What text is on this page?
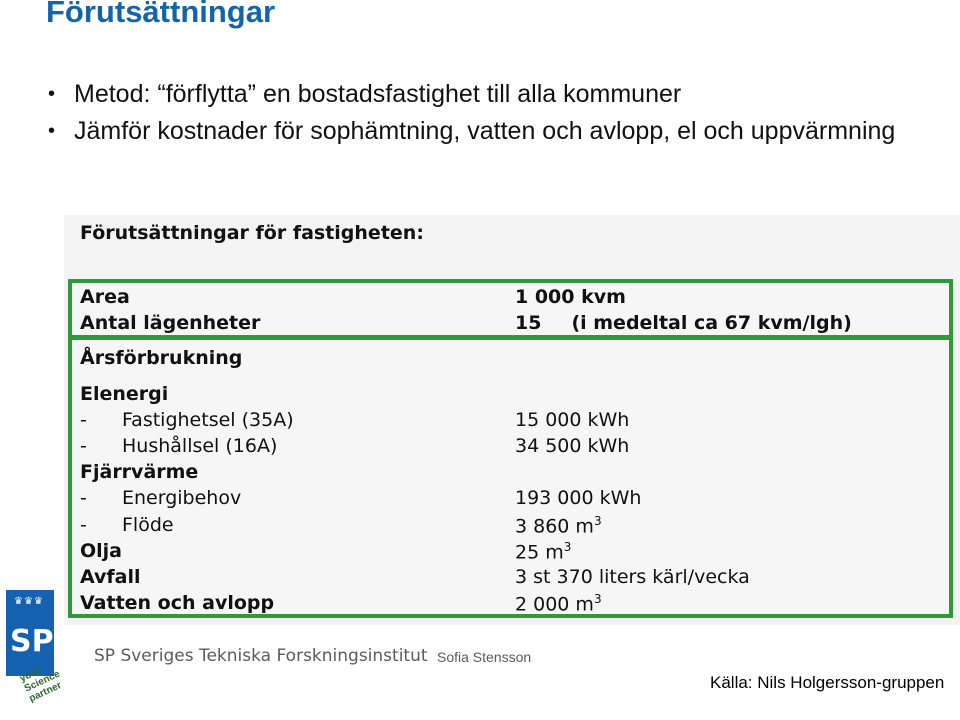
Förutsättningar
• Metod: “förflytta” en bostadsfastighet till alla kommuner
• Jämför kostnader för sophämtning, vatten och avlopp, el och uppvärmning
Förutsättningar för fastigheten:
Area	1 000 kvm
Antal lägenheter	15 (i medeltal ca 67 kvm/lgh)
Årsförbrukning
Elenergi
- Fastighetsel (35A)	15 000 kWh
- Hushållsel (16A)	34 500 kWh
Fjärrvärme
- Energibehov	193 000 kWh
- Flöde	3 860 $m^3$
Olja	25 $m^3$
Avfall	3 st 370 liters kärl/vecka
Vatten och avlopp	2 000 $m^3$
♛♛♛
SP
your Science partner
SP Sveriges Tekniska Forskningsinstitut Sofia Stensson
Källa: Nils Holgersson-gruppen
